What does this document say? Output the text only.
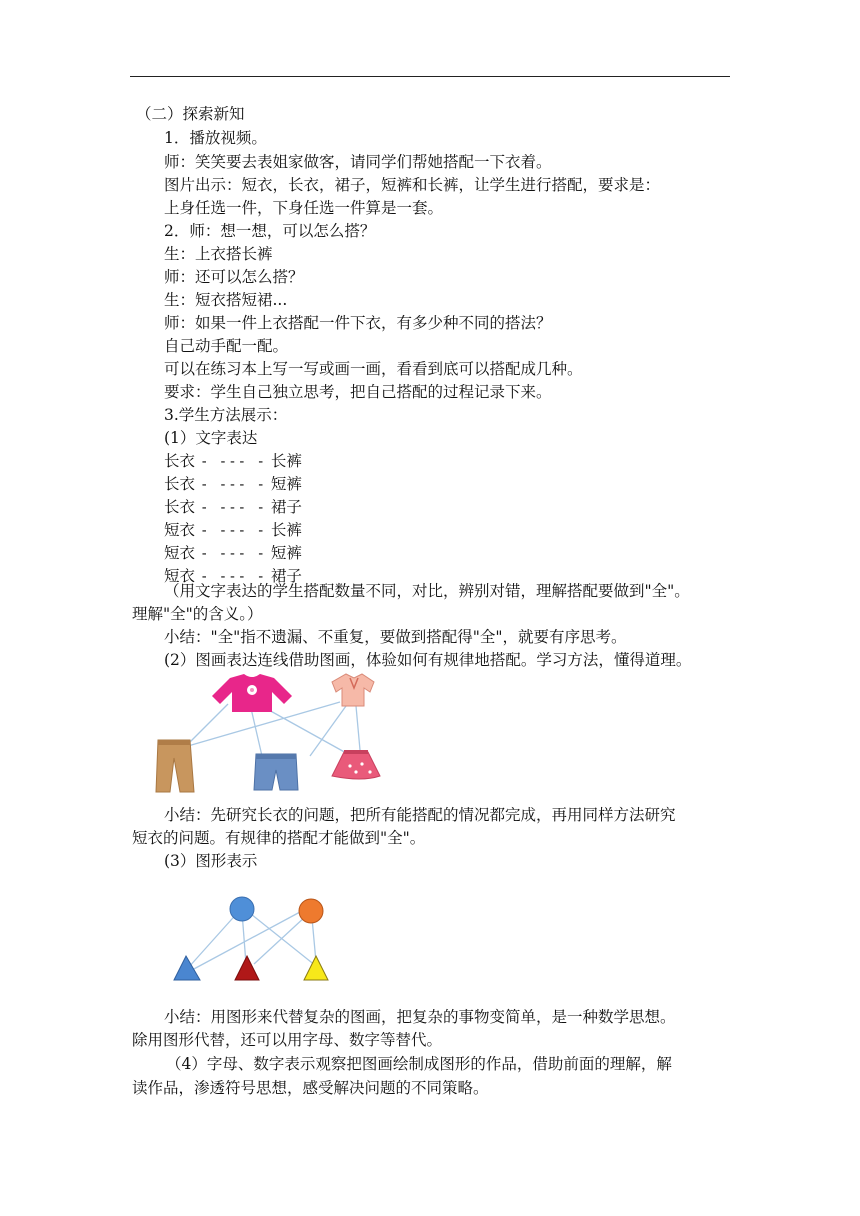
（二）探索新知
1．播放视频。
师：笑笑要去表姐家做客，请同学们帮她搭配一下衣着。
图片出示：短衣，长衣，裙子，短裤和长裤，让学生进行搭配，要求是：
上身任选一件，下身任选一件算是一套。
2．师：想一想，可以怎么搭？
生：上衣搭长裤
师：还可以怎么搭？
生：短衣搭短裙...
师：如果一件上衣搭配一件下衣，有多少种不同的搭法？
自己动手配一配。
可以在练习本上写一写或画一画，看看到底可以搭配成几种。
要求：学生自己独立思考，把自己搭配的过程记录下来。
3.学生方法展示：
(1）文字表达
长衣 - --- - 长裤
长衣 - --- - 短裤
长衣 - --- - 裙子
短衣 - --- - 长裤
短衣 - --- - 短裤
短衣 - --- - 裙子
（用文字表达的学生搭配数量不同，对比，辨别对错，理解搭配要做到"全"。
理解"全"的含义。）
小结："全"指不遗漏、不重复，要做到搭配得"全"，就要有序思考。
(2）图画表达连线借助图画，体验如何有规律地搭配。学习方法，懂得道理。
小结：先研究长衣的问题，把所有能搭配的情况都完成，再用同样方法研究
短衣的问题。有规律的搭配才能做到"全"。
(3）图形表示
小结：用图形来代替复杂的图画，把复杂的事物变简单，是一种数学思想。
除用图形代替，还可以用字母、数字等替代。
（4）字母、数字表示观察把图画绘制成图形的作品，借助前面的理解，解
读作品，渗透符号思想，感受解决问题的不同策略。
